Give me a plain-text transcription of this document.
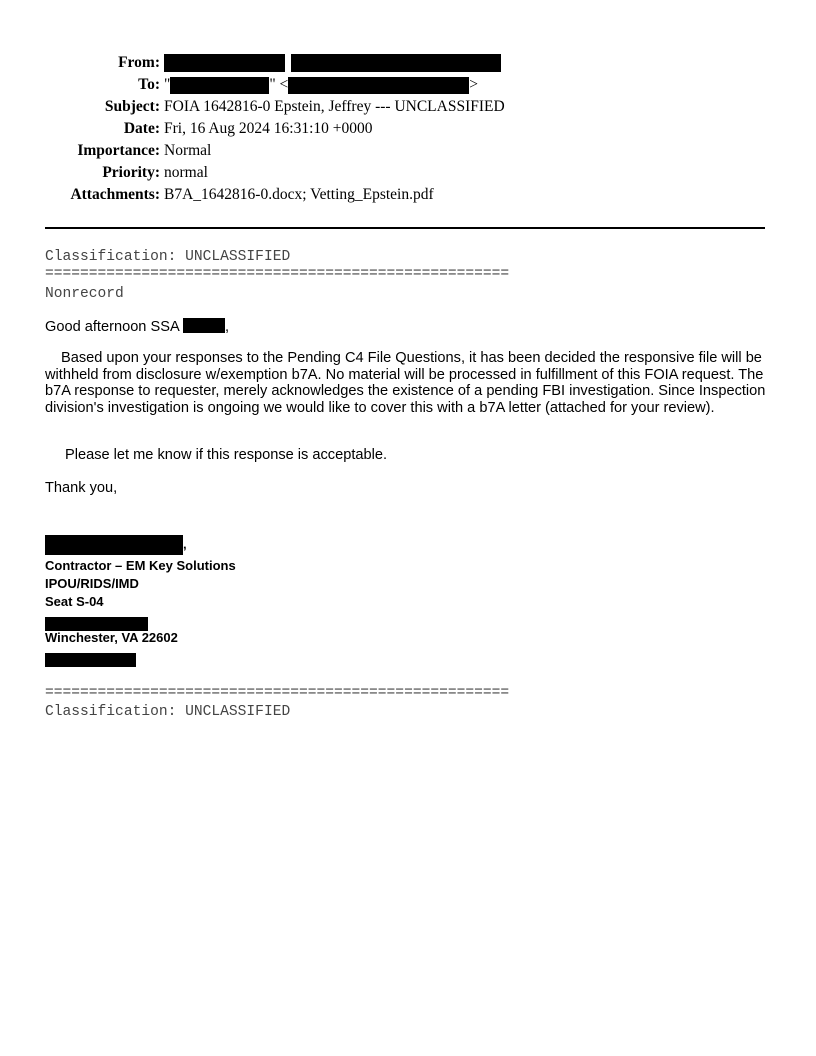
From:

To: "	" <	>
Subject: FOIA 1642816-0 Epstein, Jeffrey --- UNCLASSIFIED
Date: Fri, 16 Aug 2024 16:31:10 +0000
Importance: Normal
Priority: normal
Attachments: B7A_1642816-0.docx; Vetting_Epstein.pdf
Classification: UNCLASSIFIED
=====================================================
Nonrecord
Good afternoon SSA	,
Based upon your responses to the Pending C4 File Questions, it has been decided the responsive file will be withheld from disclosure w/exemption b7A. No material will be processed in fulfillment of this FOIA request. The b7A response to requester, merely acknowledges the existence of a pending FBI investigation. Since Inspection division's investigation is ongoing we would like to cover this with a b7A letter (attached for your review).
Please let me know if this response is acceptable.
Thank you,
,
Contractor – EM Key Solutions
IPOU/RIDS/IMD
Seat S-04
Winchester, VA 22602
=====================================================
Classification: UNCLASSIFIED
